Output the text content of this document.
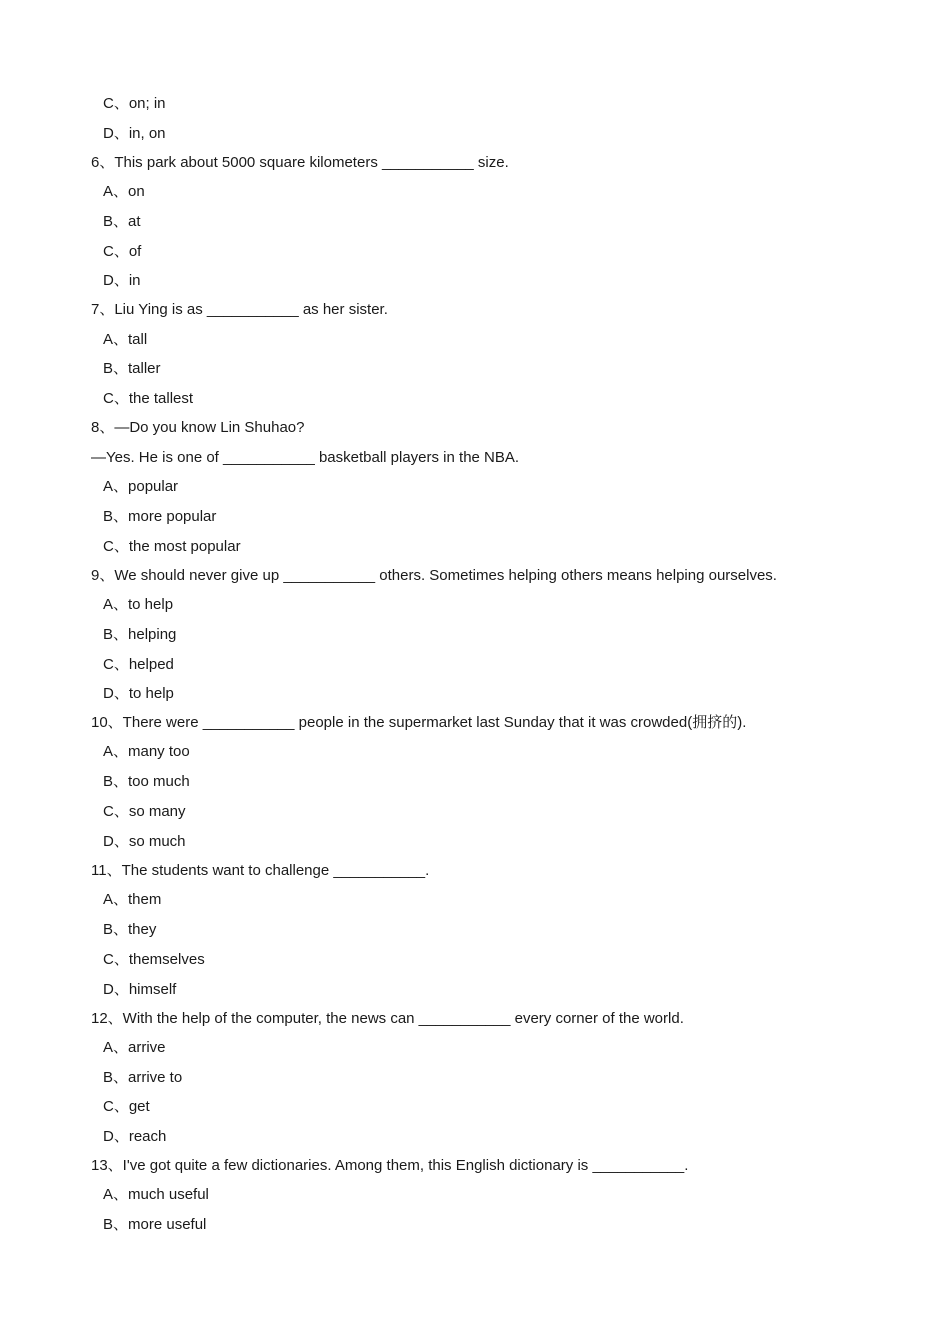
C、on; in
D、in, on
6、This park about 5000 square kilometers ___________ size.
A、on
B、at
C、of
D、in
7、Liu Ying is as ___________ as her sister.
A、tall
B、taller
C、the tallest
8、—Do you know Lin Shuhao?
—Yes. He is one of ___________ basketball players in the NBA.
A、popular
B、more popular
C、the most popular
9、We should never give up ___________ others. Sometimes helping others means helping ourselves.
A、to help
B、helping
C、helped
D、to help
10、There were ___________ people in the supermarket last Sunday that it was crowded(拥挤的).
A、many too
B、too much
C、so many
D、so much
11、The students want to challenge ___________.
A、them
B、they
C、themselves
D、himself
12、With the help of the computer, the news can ___________ every corner of the world.
A、arrive
B、arrive to
C、get
D、reach
13、I've got quite a few dictionaries. Among them, this English dictionary is ___________.
A、much useful
B、more useful
